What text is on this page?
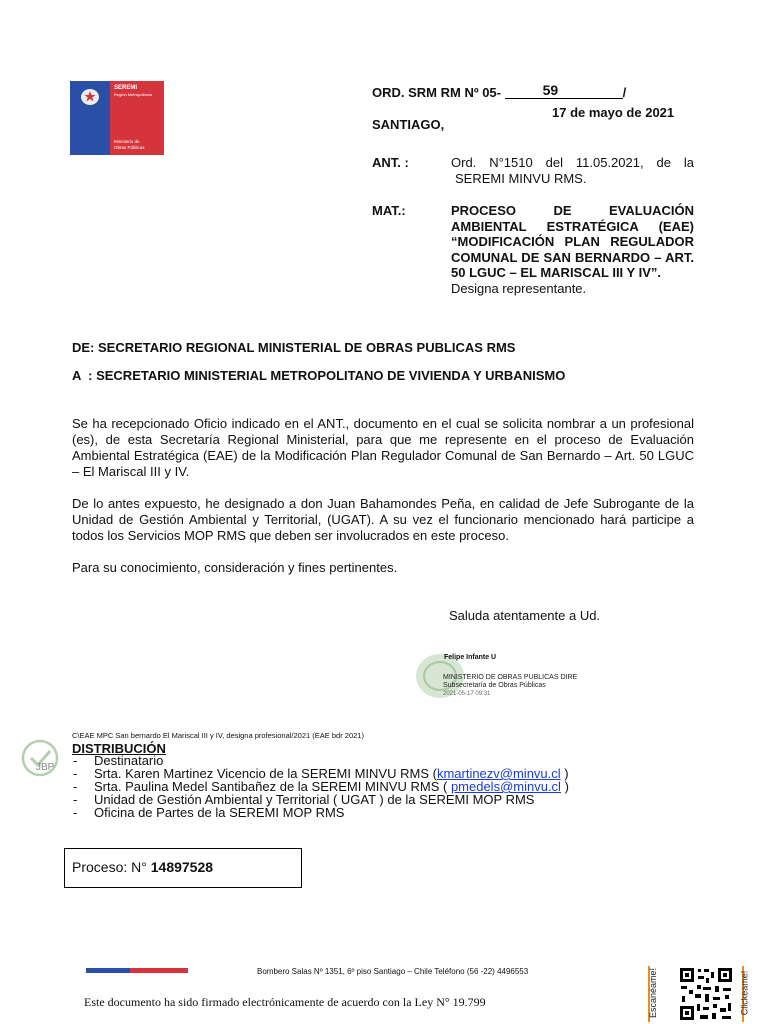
SEREMI
Región Metropolitana
Ministerio de
Obras Públicas
ORD. SRM RM Nº 05-	59	/
17 de mayo de 2021
SANTIAGO,
ANT. :	Ord. N°1510 del 11.05.2021, de la
SEREMI MINVU RMS.
MAT.:	PROCESO DE EVALUACIÓN
AMBIENTAL ESTRATÉGICA (EAE)
“MODIFICACIÓN PLAN REGULADOR
COMUNAL DE SAN BERNARDO – ART.
50 LGUC – EL MARISCAL III Y IV”.
Designa representante.
DE: SECRETARIO REGIONAL MINISTERIAL DE OBRAS PUBLICAS RMS
A  : SECRETARIO MINISTERIAL METROPOLITANO DE VIVIENDA Y URBANISMO
Se ha recepcionado Oficio indicado en el ANT., documento en el cual se solicita nombrar a un profesional (es), de esta Secretaría Regional Ministerial, para que me represente en el proceso de Evaluación Ambiental Estratégica (EAE) de la Modificación Plan Regulador Comunal de San Bernardo – Art. 50 LGUC – El Mariscal III y IV.
De lo antes expuesto, he designado a don Juan Bahamondes Peña, en calidad de Jefe Subrogante de la Unidad de Gestión Ambiental y Territorial, (UGAT). A su vez el funcionario mencionado hará participe a todos los Servicios MOP RMS que deben ser involucrados en este proceso.
Para su conocimiento, consideración y fines pertinentes.
Saluda atentamente a Ud.
Felipe Infante U
MINISTERIO DE OBRAS PUBLICAS DIRE
Subsecretaría de Obras Públicas
2021-05-17 09:31
C\EAE MPC San bernardo El Mariscal III y IV, designa profesional/2021 (EAE bdr 2021)
JBP
DISTRIBUCIÓN
- Destinatario
- Srta. Karen Martinez Vicencio de la SEREMI MINVU RMS (kmartinezv@minvu.cl )
- Srta. Paulina Medel Santibañez de la SEREMI MINVU RMS ( pmedels@minvu.cl )
- Unidad de Gestión Ambiental y Territorial ( UGAT ) de la SEREMI MOP RMS
- Oficina de Partes de la SEREMI MOP RMS
Proceso: N° 14897528
Bombero Salas Nº 1351, 6º piso Santiago – Chile Teléfono (56 -22) 4496553
Este documento ha sido firmado electrónicamente de acuerdo con la Ley N° 19.799	Escanéame!	Clickeame!
